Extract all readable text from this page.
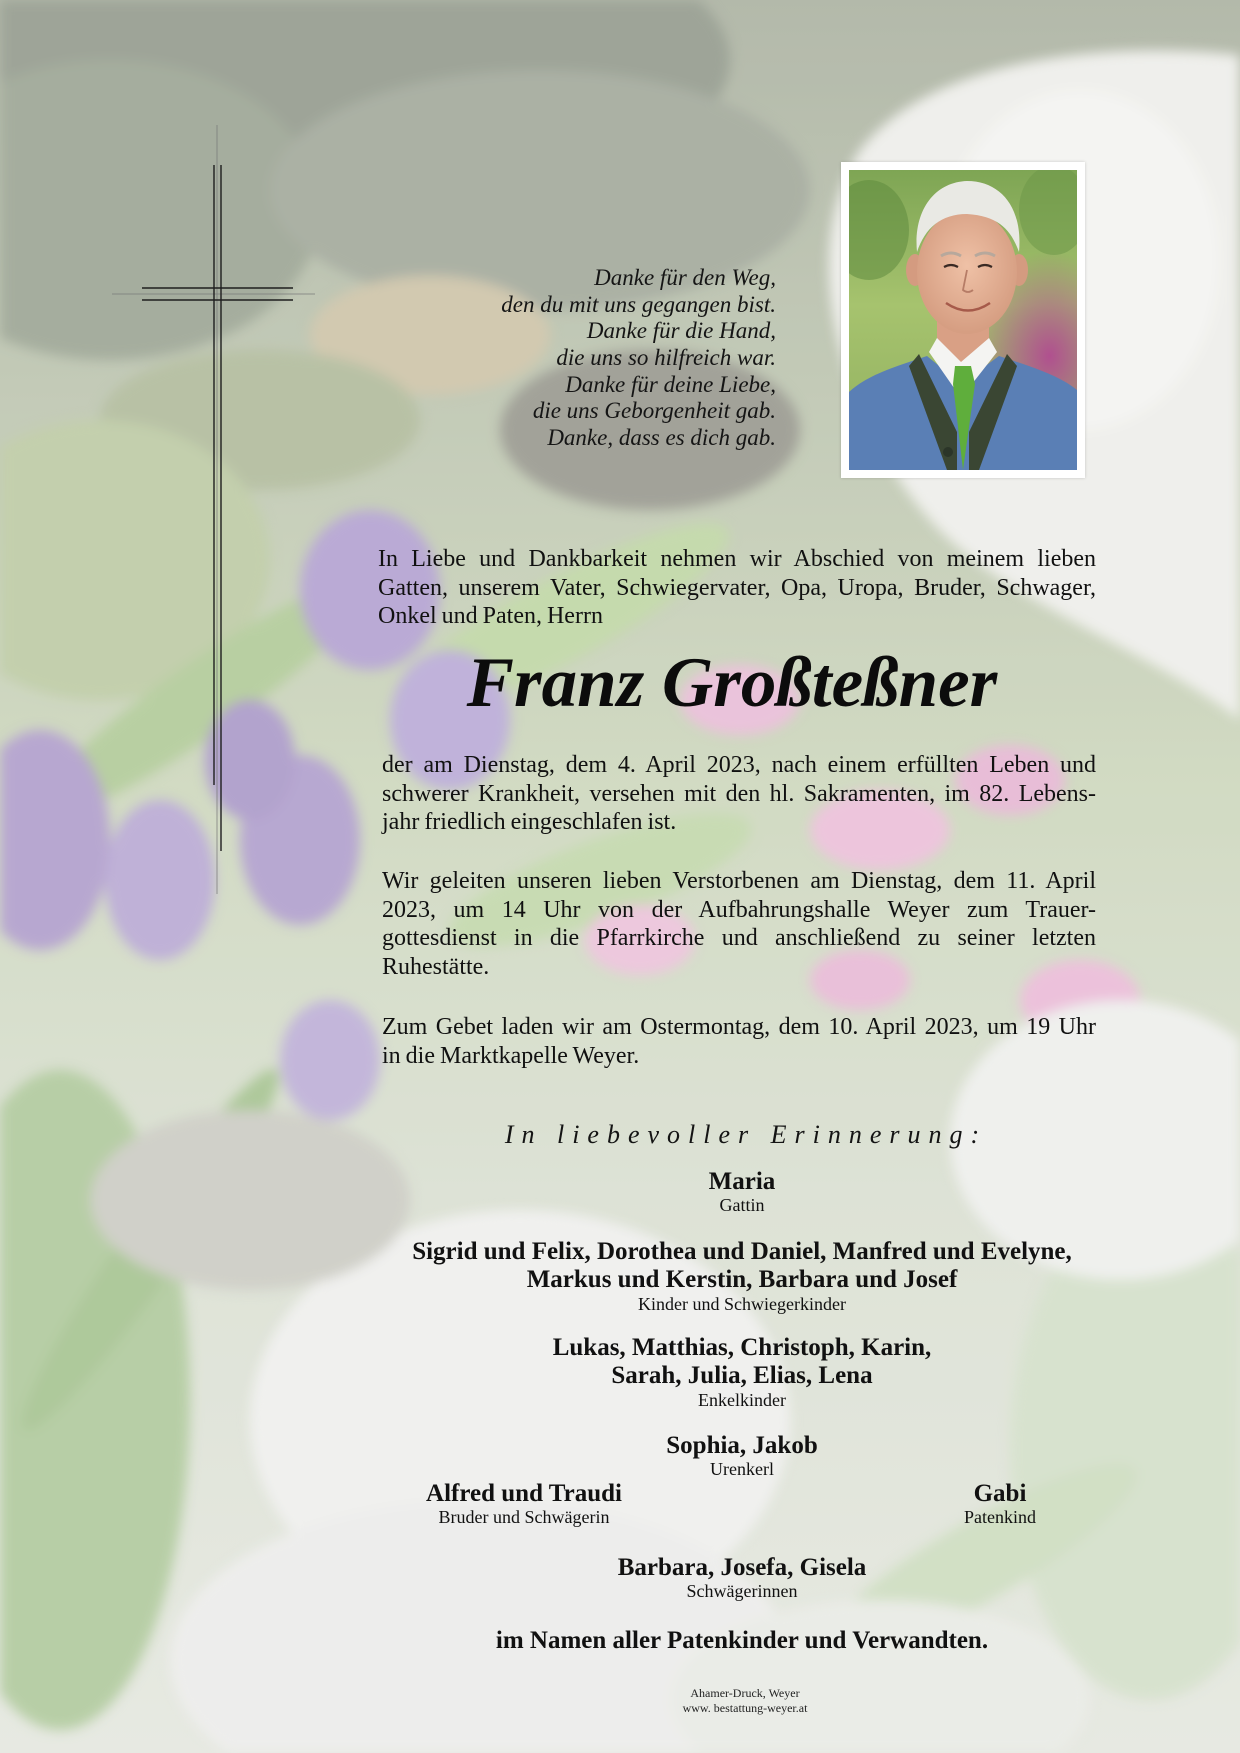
Danke für den Weg,
den du mit uns gegangen bist.
Danke für die Hand,
die uns so hilfreich war.
Danke für deine Liebe,
die uns Geborgenheit gab.
Danke, dass es dich gab.
In Liebe und Dankbarkeit nehmen wir Abschied von meinem lieben
Gatten, unserem Vater, Schwiegervater, Opa, Uropa, Bruder, Schwager,
Onkel und Paten, Herrn
Franz Großteßner
der am Dienstag, dem 4. April 2023, nach einem erfüllten Leben und
schwerer Krankheit, versehen mit den hl. Sakramenten, im 82. Lebens-
jahr friedlich eingeschlafen ist.
Wir geleiten unseren lieben Verstorbenen am Dienstag, dem 11. April
2023, um 14 Uhr von der Aufbahrungshalle Weyer zum Trauer-
gottesdienst in die Pfarrkirche und anschließend zu seiner letzten
Ruhestätte.
Zum Gebet laden wir am Ostermontag, dem 10. April 2023, um 19 Uhr
in die Marktkapelle Weyer.
In liebevoller Erinnerung:
Maria
Gattin
Sigrid und Felix, Dorothea und Daniel, Manfred und Evelyne,
Markus und Kerstin, Barbara und Josef
Kinder und Schwiegerkinder
Lukas, Matthias, Christoph, Karin,
Sarah, Julia, Elias, Lena
Enkelkinder
Sophia, Jakob
Urenkerl
Alfred und Traudi
Bruder und Schwägerin
Gabi
Patenkind
Barbara, Josefa, Gisela
Schwägerinnen
im Namen aller Patenkinder und Verwandten.
Ahamer-Druck, Weyer
www. bestattung-weyer.at
